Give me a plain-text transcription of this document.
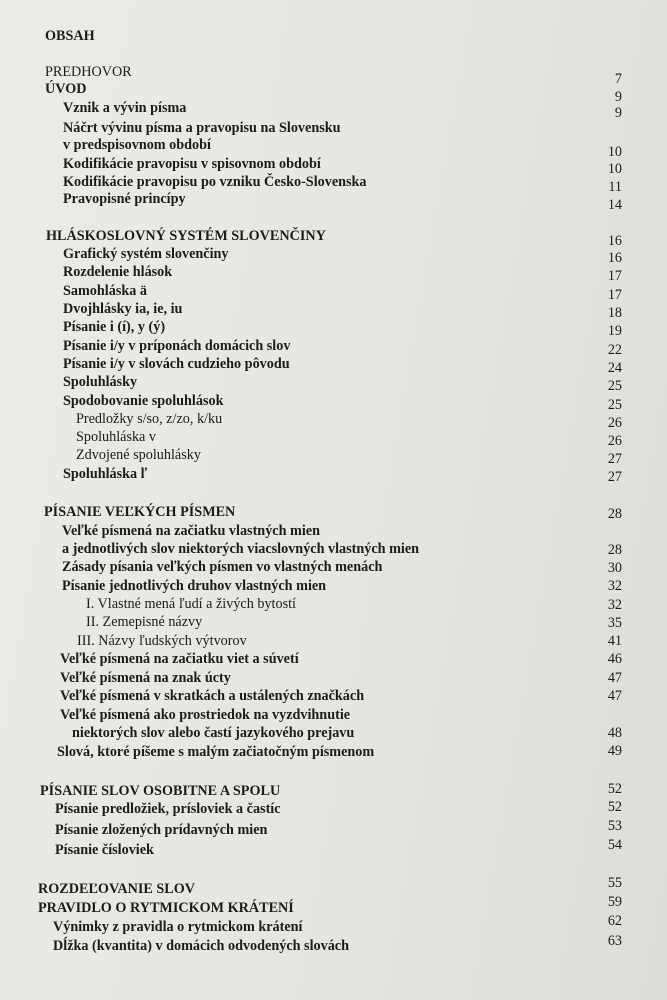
OBSAH
PREDHOVOR	7
ÚVOD	9
Vznik a vývin písma	9
Náčrt vývinu písma a pravopisu na Slovensku
v predspisovnom období	10
Kodifikácie pravopisu v spisovnom období	10
Kodifikácie pravopisu po vzniku Česko-Slovenska	11
Pravopisné princípy	14
HLÁSKOSLOVNÝ SYSTÉM SLOVENČINY	16
Grafický systém slovenčiny	16
Rozdelenie hlások	17
Samohláska ä	17
Dvojhlásky ia, ie, iu	18
Písanie i (í), y (ý)	19
Písanie i/y v príponách domácich slov	22
Písanie i/y v slovách cudzieho pôvodu	24
Spoluhlásky	25
Spodobovanie spoluhlások	25
Predložky s/so, z/zo, k/ku	26
Spoluhláska v	26
Zdvojené spoluhlásky	27
Spoluhláska ľ	27
PÍSANIE VEĽKÝCH PÍSMEN	28
Veľké písmená na začiatku vlastných mien
a jednotlivých slov niektorých viacslovných vlastných mien	28
Zásady písania veľkých písmen vo vlastných menách	30
Písanie jednotlivých druhov vlastných mien	32
I. Vlastné mená ľudí a živých bytostí	32
II. Zemepisné názvy	35
III. Názvy ľudských výtvorov	41
Veľké písmená na začiatku viet a súvetí	46
Veľké písmená na znak úcty	47
Veľké písmená v skratkách a ustálených značkách	47
Veľké písmená ako prostriedok na vyzdvihnutie
niektorých slov alebo častí jazykového prejavu	48
Slová, ktoré píšeme s malým začiatočným písmenom	49
PÍSANIE SLOV OSOBITNE A SPOLU	52
Písanie predložiek, prísloviek a častíc	52
Písanie zložených prídavných mien	53
Písanie čísloviek	54
ROZDEĽOVANIE SLOV	55
PRAVIDLO O RYTMICKOM KRÁTENÍ	59
Výnimky z pravidla o rytmickom krátení	62
Dĺžka (kvantita) v domácich odvodených slovách	63
